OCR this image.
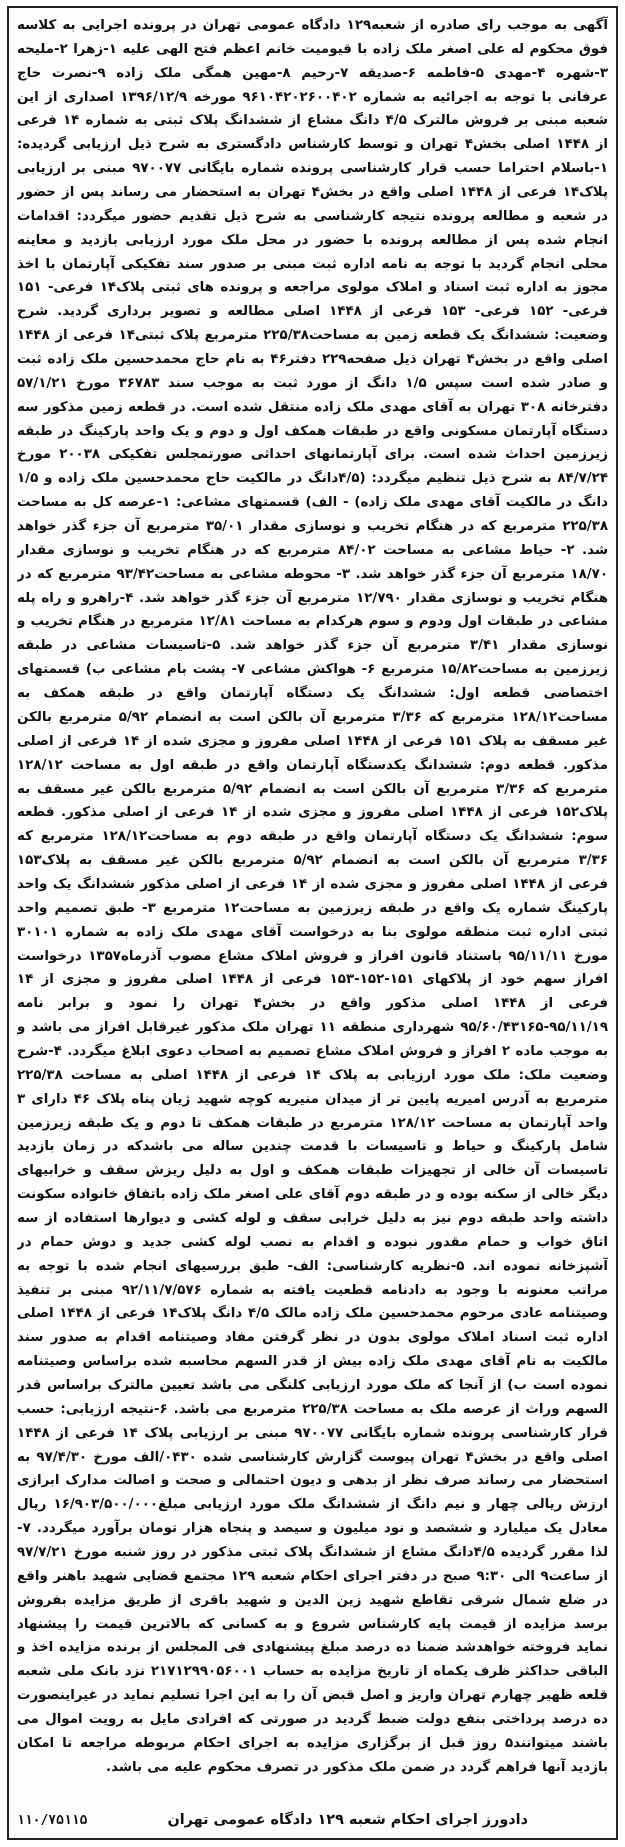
آگهی به موجب رای صادره از شعبه۱۲۹ دادگاه عمومی تهران در پرونده اجرایی به کلاسه فوق محکوم له علی اصغر ملک زاده با قیومیت خانم اعظم فتح الهی علیه ۱-زهرا ۲-ملیحه ۳-شهره ۴-مهدی ۵-فاطمه ۶-صدیقه ۷-رحیم ۸-مهین همگی ملک زاده ۹-نصرت حاج عرفانی با توجه به اجرائیه به شماره ۹۶۱۰۴۲۰۲۶۰۰۴۰۲ مورخه ۱۳۹۶/۱۲/۹ اصداری از این شعبه مبنی بر فروش مالترک ۴/۵ دانگ مشاع از ششدانگ پلاک ثبتی به شماره ۱۴ فرعی از ۱۴۴۸ اصلی بخش۴ تهران و توسط کارشناس دادگستری به شرح ذیل ارزیابی گردیده: ۱-باسلام احتراما حسب قرار کارشناسی پرونده شماره بایگانی ۹۷۰۰۷۷ مبنی بر ارزیابی پلاک۱۴ فرعی از ۱۴۴۸ اصلی واقع در بخش۴ تهران به استحضار می رساند پس از حضور در شعبه و مطالعه پرونده نتیجه کارشناسی به شرح ذیل تقدیم حضور میگردد: اقدامات انجام شده پس از مطالعه پرونده با حضور در محل ملک مورد ارزیابی بازدید و معاینه محلی انجام گردید با توجه به نامه اداره ثبت مبنی بر صدور سند تفکیکی آپارتمان با اخذ مجوز به اداره ثبت اسناد و املاک مولوی مراجعه و پرونده های ثبتی پلاک۱۴ فرعی- ۱۵۱ فرعی- ۱۵۲ فرعی- ۱۵۳ فرعی از ۱۴۴۸ اصلی مطالعه و تصویر برداری گردید. شرح وضعیت: ششدانگ یک قطعه زمین به مساحت۲۲۵/۳۸ مترمربع پلاک ثبتی۱۴ فرعی از ۱۴۴۸ اصلی واقع در بخش۴ تهران ذیل صفحه۲۲۹ دفتر۴۶ به نام حاج محمدحسین ملک زاده ثبت و صادر شده است سپس ۱/۵ دانگ از مورد ثبت به موجب سند ۳۶۷۸۳ مورخ ۵۷/۱/۲۱ دفترخانه ۳۰۸ تهران به آقای مهدی ملک زاده منتقل شده است. در قطعه زمین مذکور سه دستگاه آپارتمان مسکونی واقع در طبقات همکف اول و دوم و یک واحد پارکینگ در طبقه زیرزمین احداث شده است. برای آپارتمانهای احداثی صورتمجلس تفکیکی ۲۰۰۳۸ مورخ ۸۴/۷/۲۴ به شرح ذیل تنظیم میگردد: (۴/۵دانگ در مالکیت حاج محمدحسین ملک زاده و ۱/۵ دانگ در مالکیت آقای مهدی ملک زاده) - الف) قسمتهای مشاعی: ۱-عرصه کل به مساحت ۲۲۵/۳۸ مترمربع که در هنگام تخریب و نوسازی مقدار ۳۵/۰۱ مترمربع آن جزء گذر خواهد شد. ۲- حیاط مشاعی به مساحت ۸۴/۰۲ مترمربع که در هنگام تخریب و نوسازی مقدار ۱۸/۷۰ مترمربع آن جزء گذر خواهد شد. ۳- محوطه مشاعی به مساحت۹۳/۴۲ مترمربع که در هنگام تخریب و نوسازی مقدار ۱۲/۷۹۰ مترمربع آن جزء گذر خواهد شد. ۴-راهرو و راه پله مشاعی در طبقات اول ودوم و سوم هرکدام به مساحت ۱۲/۸۱ مترمربع در هنگام تخریب و نوسازی مقدار ۳/۴۱ مترمربع آن جزء گذر خواهد شد. ۵-تاسیسات مشاعی در طبقه زیرزمین به مساحت۱۵/۸۲ مترمربع ۶- هواکش مشاعی ۷- پشت بام مشاعی ب) قسمتهای اختصاصی قطعه اول: ششدانگ یک دستگاه آپارتمان واقع در طبقه همکف به مساحت۱۲۸/۱۲ مترمربع که ۳/۳۶ مترمربع آن بالکن است به انضمام ۵/۹۲ مترمربع بالکن غیر مسقف به پلاک ۱۵۱ فرعی از ۱۴۴۸ اصلی مفروز و مجزی شده از ۱۴ فرعی از اصلی مذکور. قطعه دوم: ششدانگ یکدستگاه آپارتمان واقع در طبقه اول به مساحت ۱۲۸/۱۲ مترمربع که ۳/۳۶ مترمربع آن بالکن است به انضمام ۵/۹۲ مترمربع بالکن غیر مسقف به پلاک۱۵۲ فرعی از ۱۴۴۸ اصلی مفروز و مجزی شده از ۱۴ فرعی از اصلی مذکور. قطعه سوم: ششدانگ یک دستگاه آپارتمان واقع در طبقه دوم به مساحت۱۲۸/۱۲ مترمربع که ۳/۳۶ مترمربع آن بالکن است به انضمام ۵/۹۲ مترمربع بالکن غیر مسقف به پلاک۱۵۳ فرعی از ۱۴۴۸ اصلی مفروز و مجزی شده از ۱۴ فرعی از اصلی مذکور ششدانگ یک واحد پارکینگ شماره یک واقع در طبقه زیرزمین به مساحت۱۲ مترمربع ۳- طبق تصمیم واحد ثبتی اداره ثبت منطقه مولوی بنا به درخواست آقای مهدی ملک زاده به شماره ۳۰۱۰۱ مورخ ۹۵/۱۱/۱۱ باستناد قانون افراز و فروش املاک مشاع مصوب آذرماه۱۳۵۷ درخواست افراز سهم خود از پلاکهای ۱۵۱-۱۵۲-۱۵۳ فرعی از ۱۴۴۸ اصلی مفروز و مجزی از ۱۴ فرعی از ۱۴۴۸ اصلی مذکور واقع در بخش۴ تهران را نمود و برابر نامه ۹۵/۱۱/۱۹-۹۵/۶۰/۴۳۱۶۵ شهرداری منطقه ۱۱ تهران ملک مذکور غیرقابل افراز می باشد و به موجب ماده ۲ افراز و فروش املاک مشاع تصمیم به اصحاب دعوی ابلاغ میگردد. ۴-شرح وضعیت ملک: ملک مورد ارزیابی به پلاک ۱۴ فرعی از ۱۴۴۸ اصلی به مساحت ۲۲۵/۳۸ مترمربع به آدرس امیریه پایین تر از میدان منیریه کوچه شهید ژیان پناه پلاک ۴۶ دارای ۳ واحد آپارتمان به مساحت ۱۲۸/۱۲ مترمربع در طبقات همکف تا دوم و یک طبقه زیرزمین شامل پارکینگ و حیاط و تاسیسات با قدمت چندین ساله می باشدکه در زمان بازدید تاسیسات آن خالی از تجهیزات طبقات همکف و اول به دلیل ریزش سقف و خرابیهای دیگر خالی از سکنه بوده و در طبقه دوم آقای علی اصغر ملک زاده باتفاق خانواده سکونت داشته واحد طبقه دوم نیز به دلیل خرابی سقف و لوله کشی و دیوارها استفاده از سه اتاق خواب و حمام مقدور نبوده و اقدام به نصب لوله کشی جدید و دوش حمام در آشپزخانه نموده اند. ۵-نظریه کارشناسی: الف- طبق بررسیهای انجام شده با توجه به مراتب معنونه با وجود به دادنامه قطعیت یافته به شماره ۹۲/۱۱/۷/۵۷۶ مبنی بر تنفیذ وصیتنامه عادی مرحوم محمدحسین ملک زاده مالک ۴/۵ دانگ پلاک۱۴ فرعی از ۱۴۴۸ اصلی اداره ثبت اسناد املاک مولوی بدون در نظر گرفتن مفاد وصیتنامه اقدام به صدور سند مالکیت به نام آقای مهدی ملک زاده بیش از قدر السهم محاسبه شده براساس وصیتنامه نموده است ب) از آنجا که ملک مورد ارزیابی کلنگی می باشد تعیین مالترک براساس قدر السهم وراث از عرصه ملک به مساحت ۲۲۵/۳۸ مترمربع می باشد. ۶-نتیجه ارزیابی: حسب قرار کارشناسی پرونده شماره بایگانی ۹۷۰۰۷۷ مبنی بر ارزیابی پلاک ۱۴ فرعی از ۱۴۴۸ اصلی واقع در بخش۴ تهران پیوست گزارش کارشناسی شده ۰۴۳۰/الف مورخ ۹۷/۴/۳۰ به استحضار می رساند صرف نظر از بدهی و دیون احتمالی و صحت و اصالت مدارک ابرازی ارزش ریالی چهار و نیم دانگ از ششدانگ ملک مورد ارزیابی مبلغ۱۶/۹۰۳/۵۰۰/۰۰۰ ریال معادل یک میلیارد و ششصد و نود میلیون و سیصد و پنجاه هزار تومان برآورد میگردد. ۷- لذا مقرر گردیده ۴/۵دانگ مشاع از ششدانگ پلاک ثبتی مذکور در روز شنبه مورخ ۹۷/۷/۲۱ از ساعت۹ الی ۹:۳۰ صبح در دفتر اجرای احکام شعبه ۱۲۹ مجتمع قضایی شهید باهنر واقع در ضلع شمال شرقی تقاطع شهید زین الدین و شهید باقری از طریق مزایده بفروش برسد مزایده از قیمت پایه کارشناس شروع و به کسانی که بالاترین قیمت را پیشنهاد نماید فروخته خواهدشد ضمنا ده درصد مبلغ پیشنهادی فی المجلس از برنده مزایده اخذ و الباقی حداکثر ظرف یکماه از تاریخ مزایده به حساب ۲۱۷۱۲۹۹۰۵۶۰۰۱ نزد بانک ملی شعبه قلعه ظهیر چهارم تهران واریز و اصل قبض آن را به این اجرا تسلیم نماید در غیراینصورت ده درصد پرداختی بنفع دولت ضبط گردید در صورتی که افرادی مایل به رویت اموال می باشند میتوانند۵ روز قبل از برگزاری مزایده به اجرای احکام مربوطه مراجعه تا امکان بازدید آنها فراهم گردد در ضمن ملک مذکور در تصرف محکوم علیه می باشد.

دادورز اجرای احکام شعبه ۱۲۹ دادگاه عمومی تهران
۱۱۰/۷۵۱۱۵
